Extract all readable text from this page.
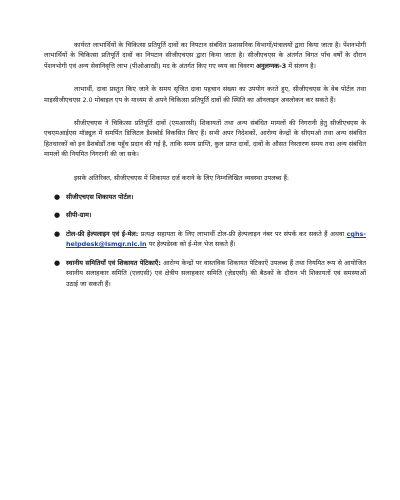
कार्यरत लाभार्थियों के चिकित्सा प्रतिपूर्ति दावों का निपटान संबंधित प्रशासनिक विभागों/मंत्रालयों द्वारा किया जाता है। पेंशनभोगी लाभार्थियों के चिकित्सा प्रतिपूर्ति दावों का निपटान सीजीएचएस द्वारा किया जाता है। सीजीएचएस के अंतर्गत विगत पाँच वर्षों के दौरान पेंशनभोगी एवं अन्य सेवानिवृत्ति लाभ (पीओआरडी) मद के अंतर्गत किए गए व्यय का विवरण अनुलग्नक-3 में संलग्न है।

लाभार्थी, दावा प्रस्तुत किए जाने के समय सृजित दावा पहचान संख्या का उपयोग करते हुए, सीजीएचएस के वेब पोर्टल तथा माइसीजीएचएस 2.0 मोबाइल एप के माध्यम से अपने चिकित्सा प्रतिपूर्ति दावों की स्थिति का ऑनलाइन अवलोकन कर सकते हैं।

सीजीएचएस ने चिकित्सा प्रतिपूर्ति दावों (एमआरसी) शिकायतों तथा अन्य संबंधित मामलों की निगरानी हेतु सीजीएचएस के एचएमआईएस मॉड्यूल में समर्पित डिजिटल डैशबोर्ड विकसित किए हैं। सभी अपर निदेशकों, आरोग्य केन्द्रों के सीएमओ तथा अन्य संबंधित हितधारकों को इन डैशबोर्डों तक पहुँच प्रदान की गई है, ताकि समय प्राप्ति, कुल प्राप्त दावों, दावों के औसत निस्तारण समय तथा अन्य संबंधित मामलों की नियमित निगरानी की जा सके।

इसके अतिरिक्त, सीजीएचएस में शिकायत दर्ज कराने के लिए निम्नलिखित व्यवस्था उपलब्ध हैं:

● सीजीएचएस शिकायत पोर्टल।
● सीपी-ग्राम।
● टोल-फ्री हेल्पलाइन एवं ई-मेल: प्रत्यक्ष सहायता के लिए लाभार्थी टोल-फ्री हेल्पलाइन नंबर पर संपर्क कर सकते हैं अथवा cghs-helpdesk@lsmgr.nic.in पर हेल्पडेस्क को ई-मेल भेज सकते हैं।
● स्थानीय समितियाँ एवं शिकायत पेटिकाएँ: आरोग्य केन्द्रों पर वास्तविक शिकायत पेटिकाएँ उपलब्ध हैं तथा नियमित रूप से आयोजित स्थानीय सलाहकार समिति (एलएसी) एवं क्षेत्रीय सलाहकार समिति (ज़ेडएसी) की बैठकों के दौरान भी शिकायतों एवं समस्याओं उठाई जा सकती हैं।
